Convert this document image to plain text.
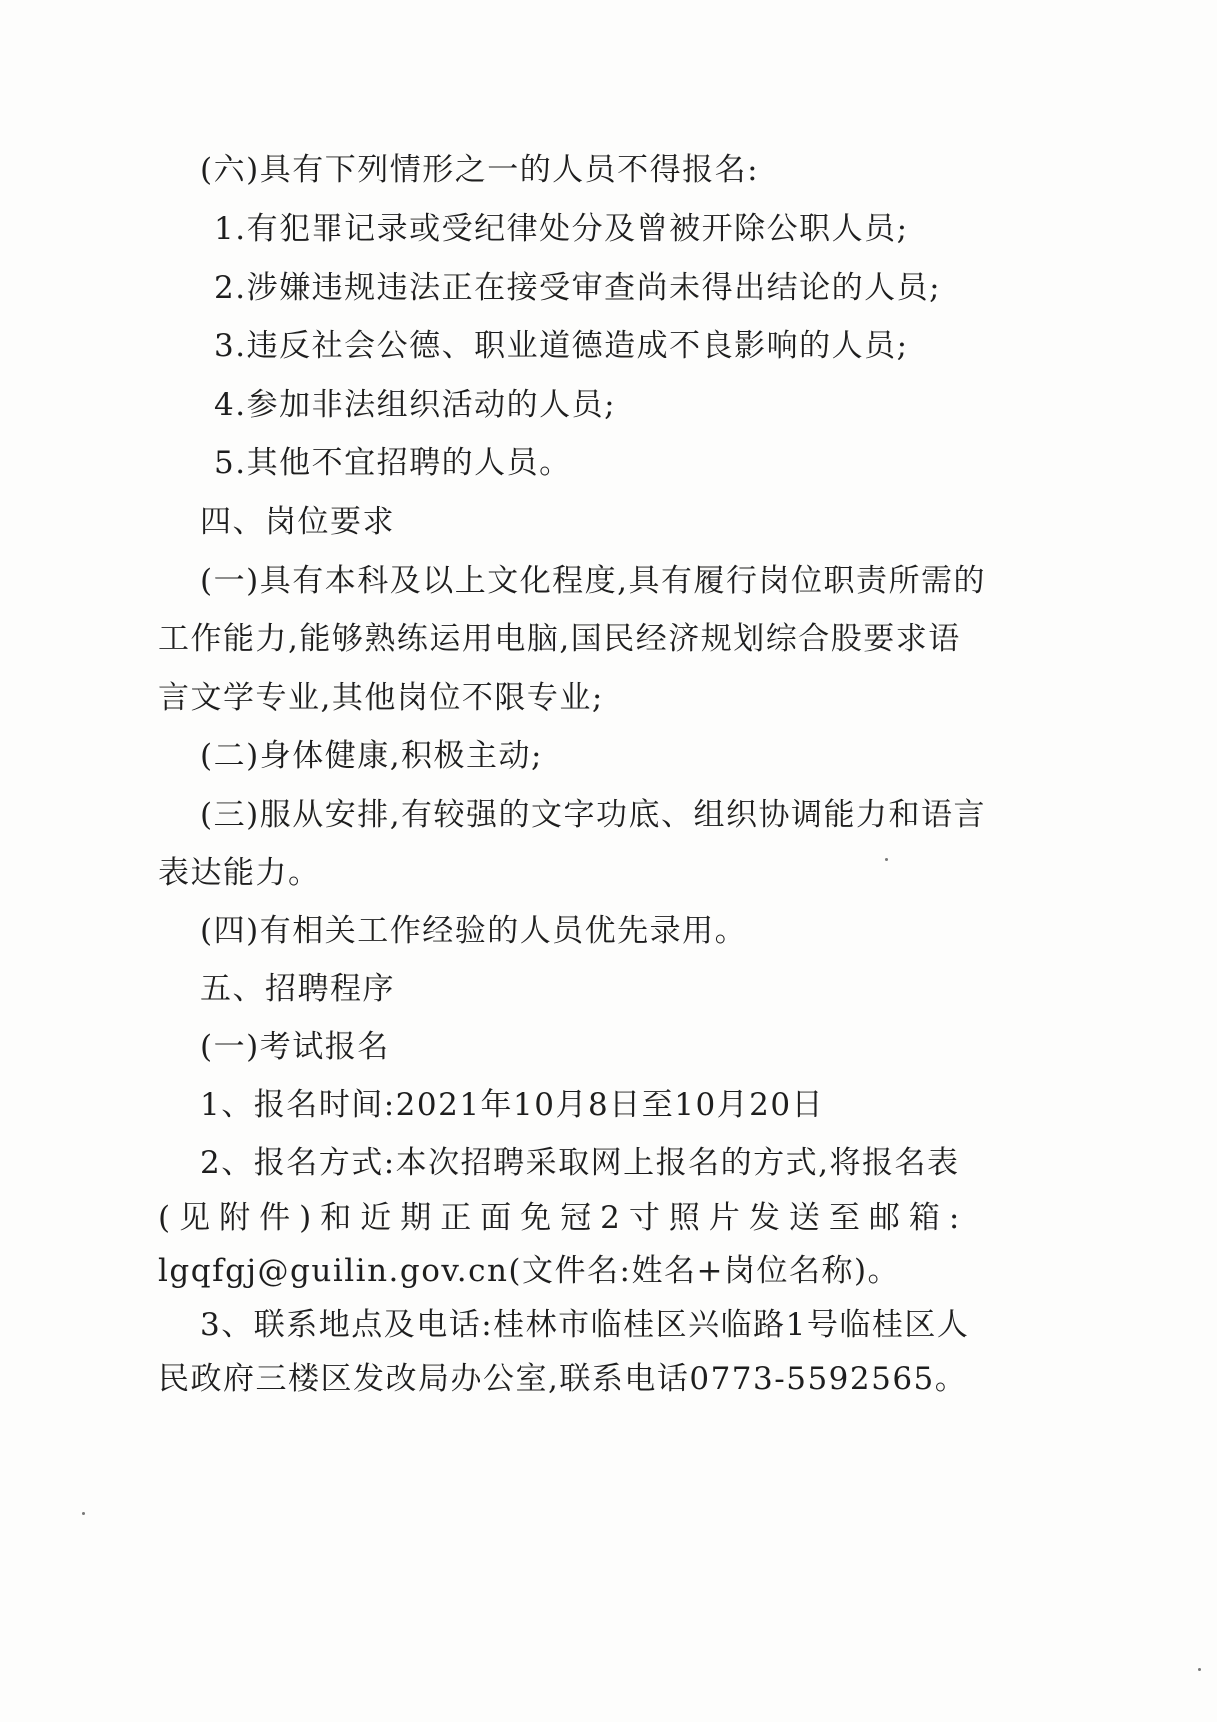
(六)具有下列情形之一的人员不得报名:
1.有犯罪记录或受纪律处分及曾被开除公职人员;
2.涉嫌违规违法正在接受审查尚未得出结论的人员;
3.违反社会公德、职业道德造成不良影响的人员;
4.参加非法组织活动的人员;
5.其他不宜招聘的人员。
四、岗位要求
(一)具有本科及以上文化程度,具有履行岗位职责所需的
工作能力,能够熟练运用电脑,国民经济规划综合股要求语
言文学专业,其他岗位不限专业;
(二)身体健康,积极主动;
(三)服从安排,有较强的文字功底、组织协调能力和语言
表达能力。
(四)有相关工作经验的人员优先录用。
五、招聘程序
(一)考试报名
1、报名时间:2021年10月8日至10月20日
2、报名方式:本次招聘采取网上报名的方式,将报名表
(见附件)和近期正面免冠2寸照片发送至邮箱:
lgqfgj@guilin.gov.cn(文件名:姓名+岗位名称)。
3、联系地点及电话:桂林市临桂区兴临路1号临桂区人
民政府三楼区发改局办公室,联系电话0773-5592565。
